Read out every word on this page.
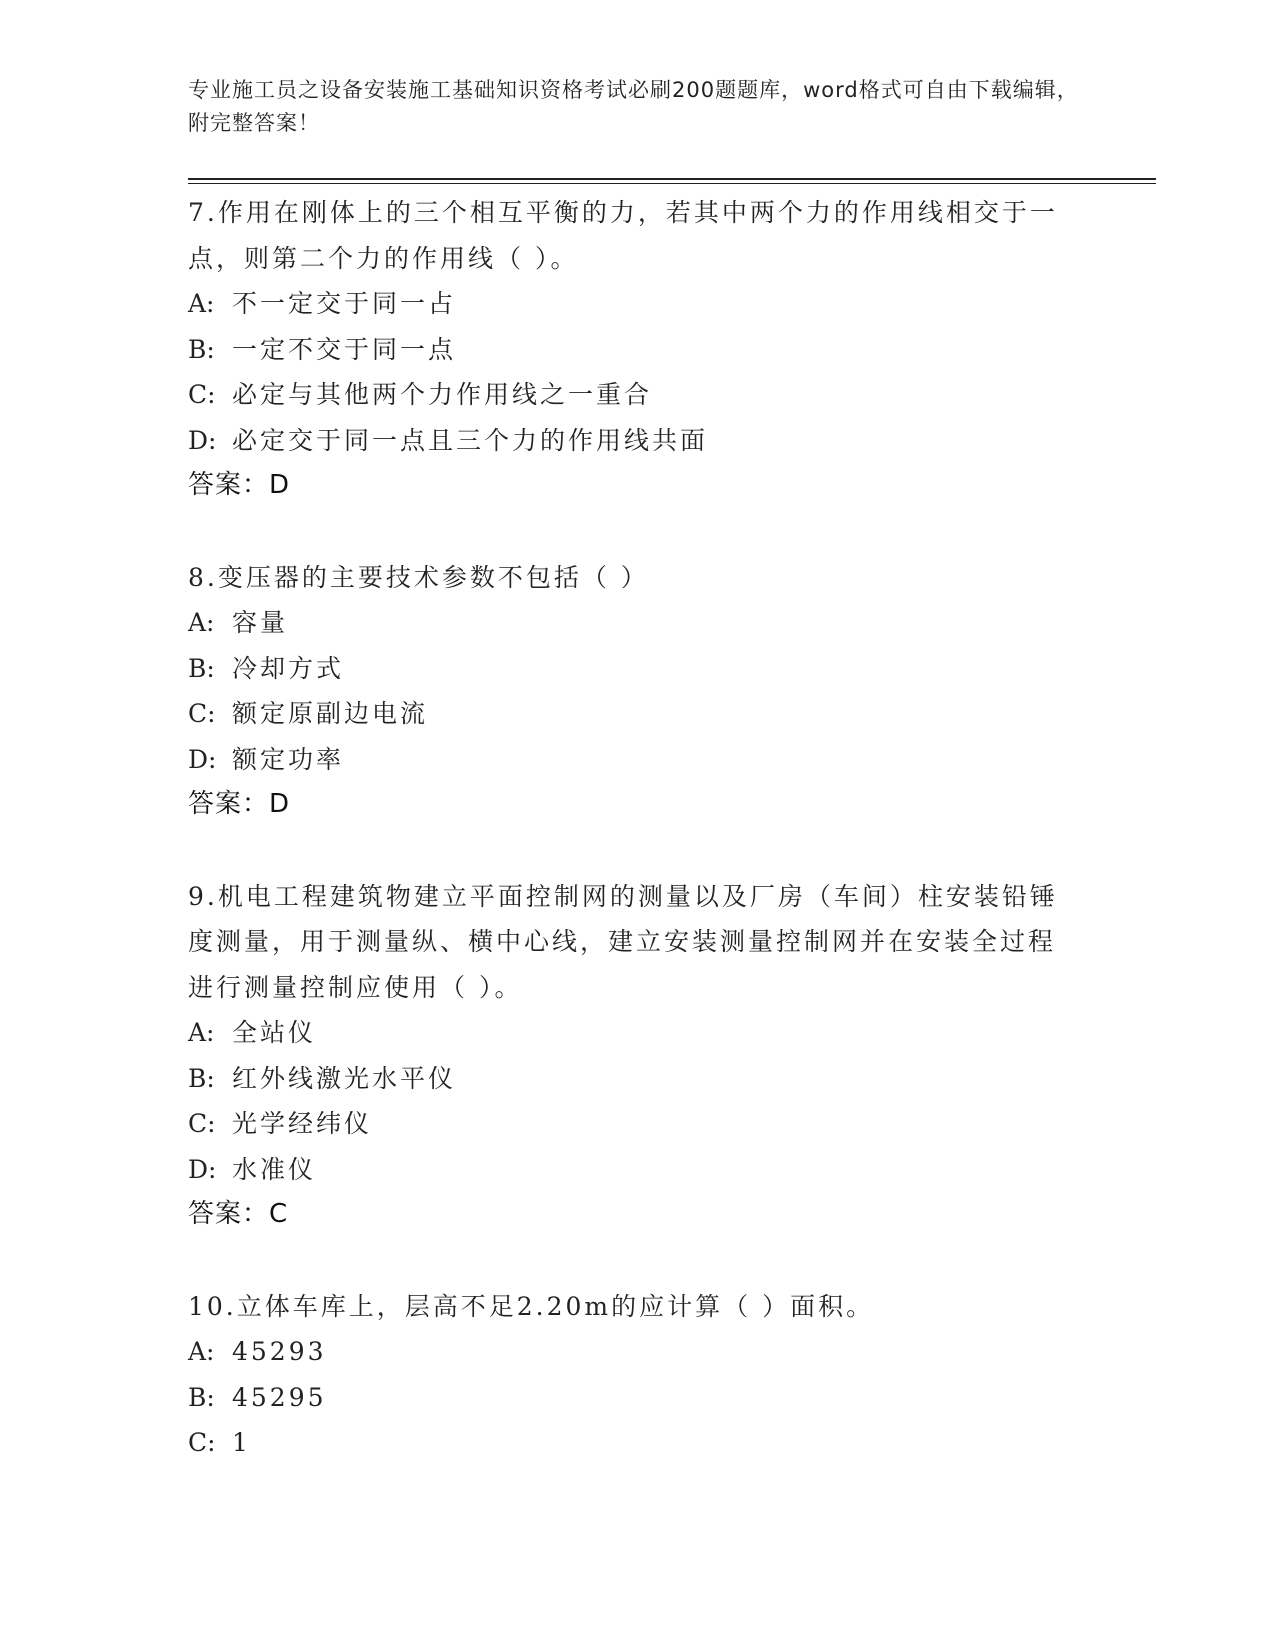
专业施工员之设备安装施工基础知识资格考试必刷200题题库，word格式可自由下载编辑，附完整答案！
7.作用在刚体上的三个相互平衡的力，若其中两个力的作用线相交于一点，则第二个力的作用线（ ）。
A: 不一定交于同一占
B: 一定不交于同一点
C: 必定与其他两个力作用线之一重合
D: 必定交于同一点且三个力的作用线共面
答案：D
8.变压器的主要技术参数不包括（ ）
A: 容量
B: 冷却方式
C: 额定原副边电流
D: 额定功率
答案：D
9.机电工程建筑物建立平面控制网的测量以及厂房（车间）柱安装铅锤度测量，用于测量纵、横中心线，建立安装测量控制网并在安装全过程进行测量控制应使用（ ）。
A: 全站仪
B: 红外线激光水平仪
C: 光学经纬仪
D: 水准仪
答案：C
10.立体车库上，层高不足2.20m的应计算（ ）面积。
A: 45293
B: 45295
C: 1
